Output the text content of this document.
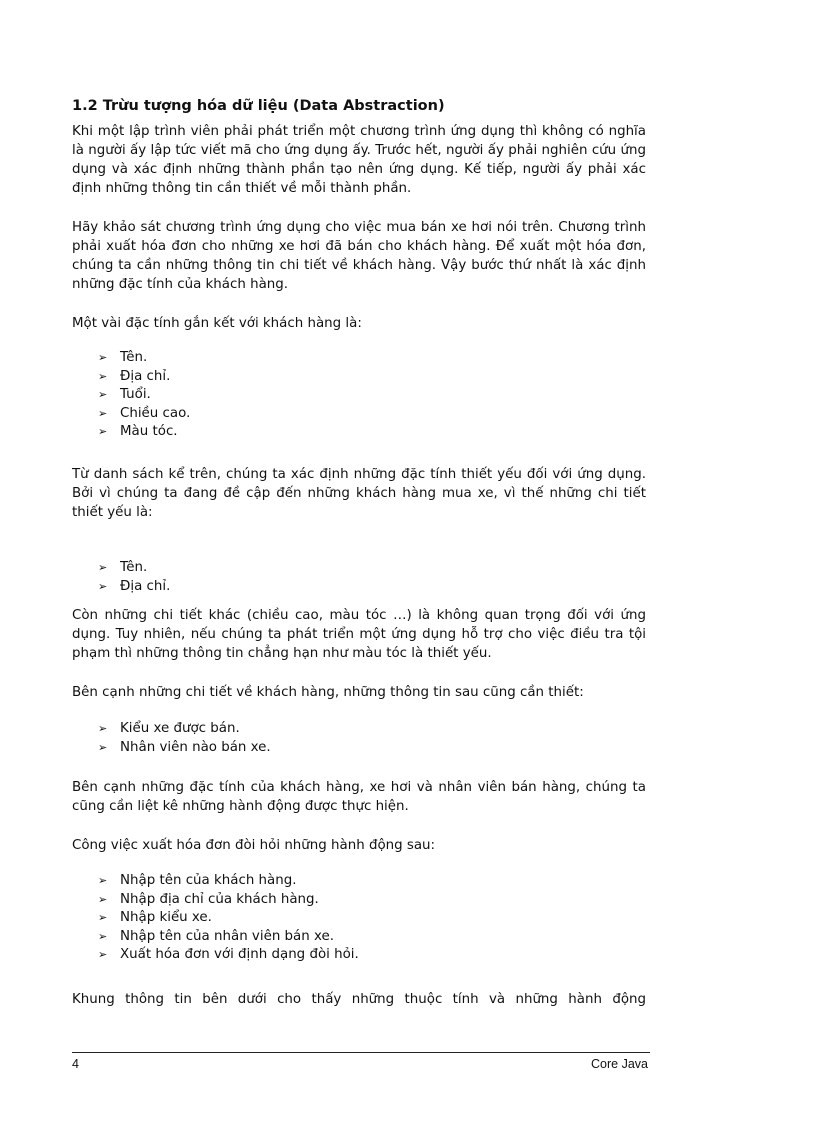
1.2 Trừu tượng hóa dữ liệu (Data Abstraction)

Khi một lập trình viên phải phát triển một chương trình ứng dụng thì không có nghĩa là người ấy lập tức viết mã cho ứng dụng ấy. Trước hết, người ấy phải nghiên cứu ứng dụng và xác định những thành phần tạo nên ứng dụng. Kế tiếp, người ấy phải xác định những thông tin cần thiết về mỗi thành phần.

Hãy khảo sát chương trình ứng dụng cho việc mua bán xe hơi nói trên. Chương trình phải xuất hóa đơn cho những xe hơi đã bán cho khách hàng. Để xuất một hóa đơn, chúng ta cần những thông tin chi tiết về khách hàng. Vậy bước thứ nhất là xác định những đặc tính của khách hàng.

Một vài đặc tính gắn kết với khách hàng là:

➢ Tên.
➢ Địa chỉ.
➢ Tuổi.
➢ Chiều cao.
➢ Màu tóc.

Từ danh sách kể trên, chúng ta xác định những đặc tính thiết yếu đối với ứng dụng. Bởi vì chúng ta đang đề cập đến những khách hàng mua xe, vì thế những chi tiết thiết yếu là:

➢ Tên.
➢ Địa chỉ.

Còn những chi tiết khác (chiều cao, màu tóc …) là không quan trọng đối với ứng dụng. Tuy nhiên, nếu chúng ta phát triển một ứng dụng hỗ trợ cho việc điều tra tội phạm thì những thông tin chẳng hạn như màu tóc là thiết yếu.

Bên cạnh những chi tiết về khách hàng, những thông tin sau cũng cần thiết:

➢ Kiểu xe được bán.
➢ Nhân viên nào bán xe.

Bên cạnh những đặc tính của khách hàng, xe hơi và nhân viên bán hàng, chúng ta cũng cần liệt kê những hành động được thực hiện.

Công việc xuất hóa đơn đòi hỏi những hành động sau:

➢ Nhập tên của khách hàng.
➢ Nhập địa chỉ của khách hàng.
➢ Nhập kiểu xe.
➢ Nhập tên của nhân viên bán xe.
➢ Xuất hóa đơn với định dạng đòi hỏi.

Khung thông tin bên dưới cho thấy những thuộc tính và những hành động

4	Core Java
